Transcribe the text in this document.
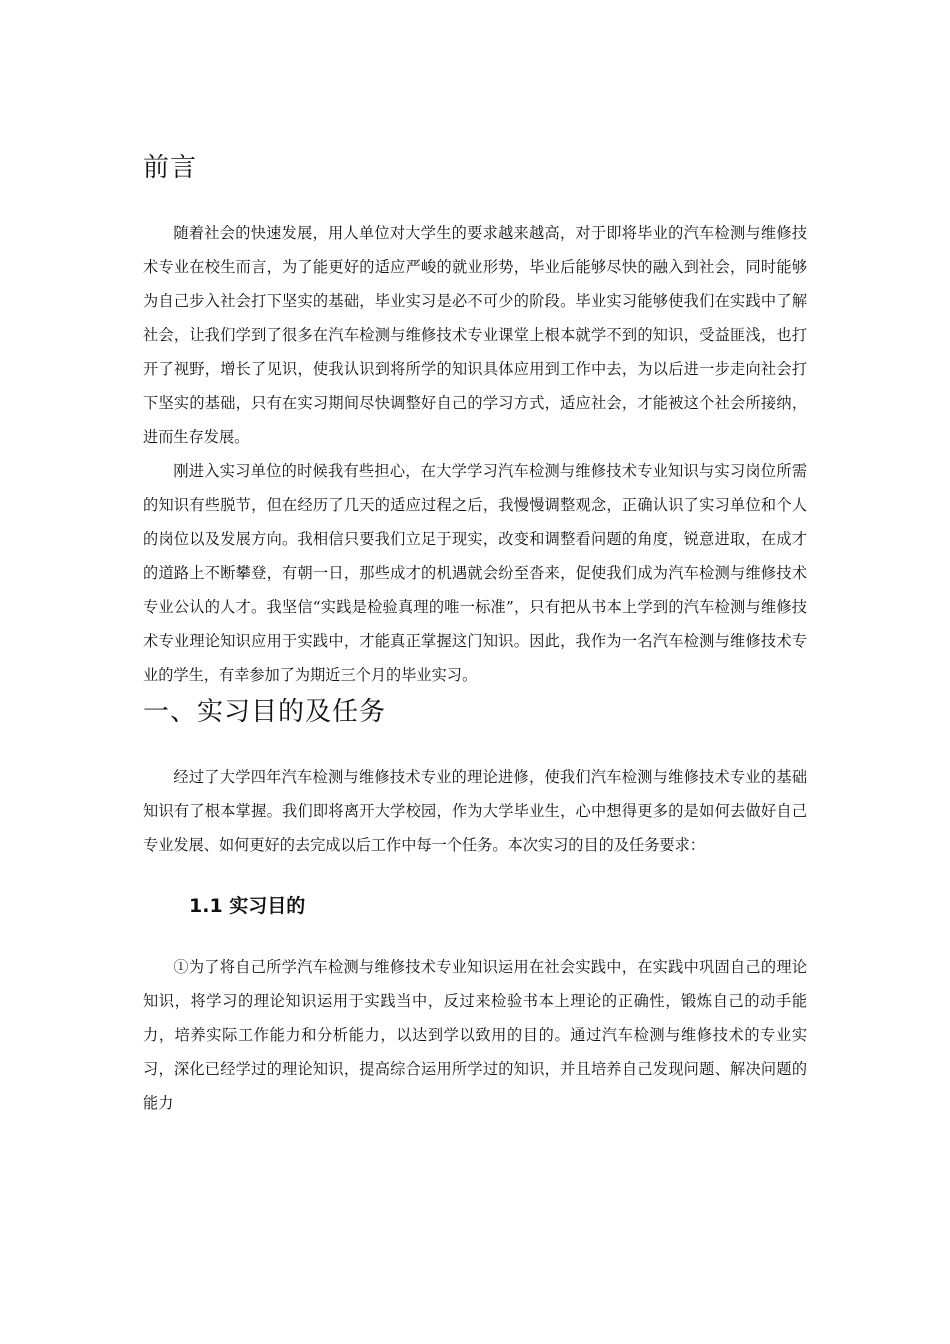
前言

随着社会的快速发展，用人单位对大学生的要求越来越高，对于即将毕业的汽车检测与维修技术专业在校生而言，为了能更好的适应严峻的就业形势，毕业后能够尽快的融入到社会，同时能够为自己步入社会打下坚实的基础，毕业实习是必不可少的阶段。毕业实习能够使我们在实践中了解社会，让我们学到了很多在汽车检测与维修技术专业课堂上根本就学不到的知识，受益匪浅，也打开了视野，增长了见识，使我认识到将所学的知识具体应用到工作中去，为以后进一步走向社会打下坚实的基础，只有在实习期间尽快调整好自己的学习方式，适应社会，才能被这个社会所接纳，进而生存发展。

刚进入实习单位的时候我有些担心，在大学学习汽车检测与维修技术专业知识与实习岗位所需的知识有些脱节，但在经历了几天的适应过程之后，我慢慢调整观念，正确认识了实习单位和个人的岗位以及发展方向。我相信只要我们立足于现实，改变和调整看问题的角度，锐意进取，在成才的道路上不断攀登，有朝一日，那些成才的机遇就会纷至沓来，促使我们成为汽车检测与维修技术专业公认的人才。我坚信“实践是检验真理的唯一标准”，只有把从书本上学到的汽车检测与维修技术专业理论知识应用于实践中，才能真正掌握这门知识。因此，我作为一名汽车检测与维修技术专业的学生，有幸参加了为期近三个月的毕业实习。

一、实习目的及任务

经过了大学四年汽车检测与维修技术专业的理论进修，使我们汽车检测与维修技术专业的基础知识有了根本掌握。我们即将离开大学校园，作为大学毕业生，心中想得更多的是如何去做好自己专业发展、如何更好的去完成以后工作中每一个任务。本次实习的目的及任务要求：

1.1 实习目的

①为了将自己所学汽车检测与维修技术专业知识运用在社会实践中，在实践中巩固自己的理论知识，将学习的理论知识运用于实践当中，反过来检验书本上理论的正确性，锻炼自己的动手能力，培养实际工作能力和分析能力，以达到学以致用的目的。通过汽车检测与维修技术的专业实习，深化已经学过的理论知识，提高综合运用所学过的知识，并且培养自己发现问题、解决问题的能力
